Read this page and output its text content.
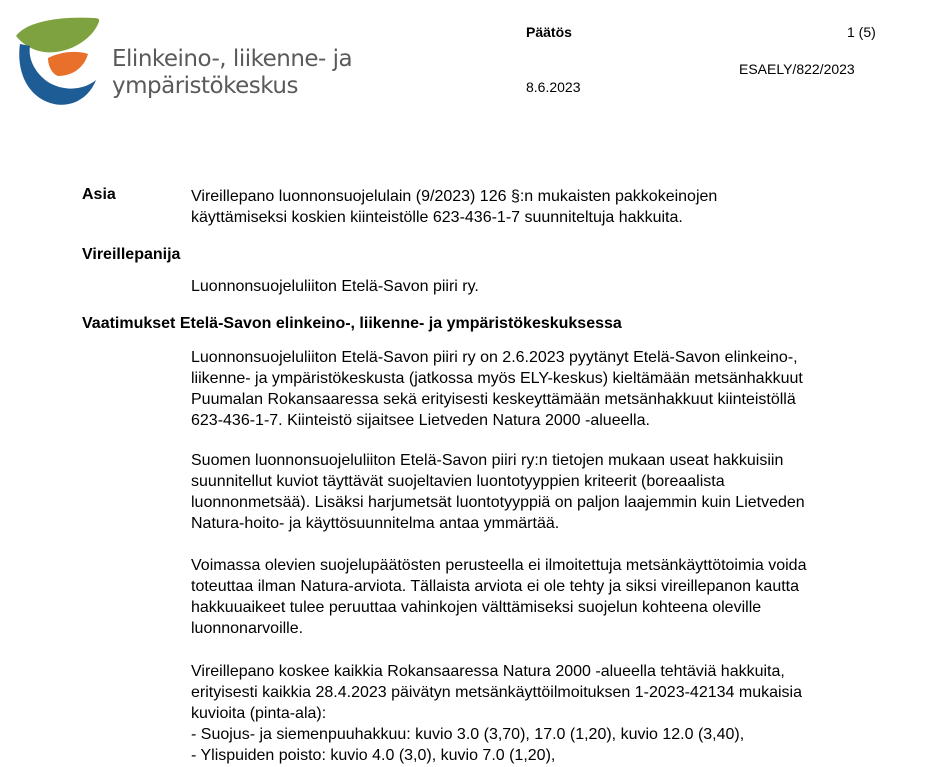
Elinkeino-, liikenne- ja
ympäristökeskus
Päätös	1 (5)
ESAELY/822/2023
8.6.2023
Asia	Vireillepano luonnonsuojelulain (9/2023) 126 §:n mukaisten pakkokeinojen
käyttämiseksi koskien kiinteistölle 623-436-1-7 suunniteltuja hakkuita.
Vireillepanija
Luonnonsuojeluliiton Etelä-Savon piiri ry.
Vaatimukset Etelä-Savon elinkeino-, liikenne- ja ympäristökeskuksessa
Luonnonsuojeluliiton Etelä-Savon piiri ry on 2.6.2023 pyytänyt Etelä-Savon elinkeino-,
liikenne- ja ympäristökeskusta (jatkossa myös ELY-keskus) kieltämään metsänhakkuut
Puumalan Rokansaaressa sekä erityisesti keskeyttämään metsänhakkuut kiinteistöllä
623-436-1-7. Kiinteistö sijaitsee Lietveden Natura 2000 -alueella.
Suomen luonnonsuojeluliiton Etelä-Savon piiri ry:n tietojen mukaan useat hakkuisiin
suunnitellut kuviot täyttävät suojeltavien luontotyyppien kriteerit (boreaalista
luonnonmetsää). Lisäksi harjumetsät luontotyyppiä on paljon laajemmin kuin Lietveden
Natura-hoito- ja käyttösuunnitelma antaa ymmärtää.
Voimassa olevien suojelupäätösten perusteella ei ilmoitettuja metsänkäyttötoimia voida
toteuttaa ilman Natura-arviota. Tällaista arviota ei ole tehty ja siksi vireillepanon kautta
hakkuuaikeet tulee peruuttaa vahinkojen välttämiseksi suojelun kohteena oleville
luonnonarvoille.
Vireillepano koskee kaikkia Rokansaaressa Natura 2000 -alueella tehtäviä hakkuita,
erityisesti kaikkia 28.4.2023 päivätyn metsänkäyttöilmoituksen 1-2023-42134 mukaisia
kuvioita (pinta-ala):
- Suojus- ja siemenpuuhakkuu: kuvio 3.0 (3,70), 17.0 (1,20), kuvio 12.0 (3,40),
- Ylispuiden poisto: kuvio 4.0 (3,0), kuvio 7.0 (1,20),
